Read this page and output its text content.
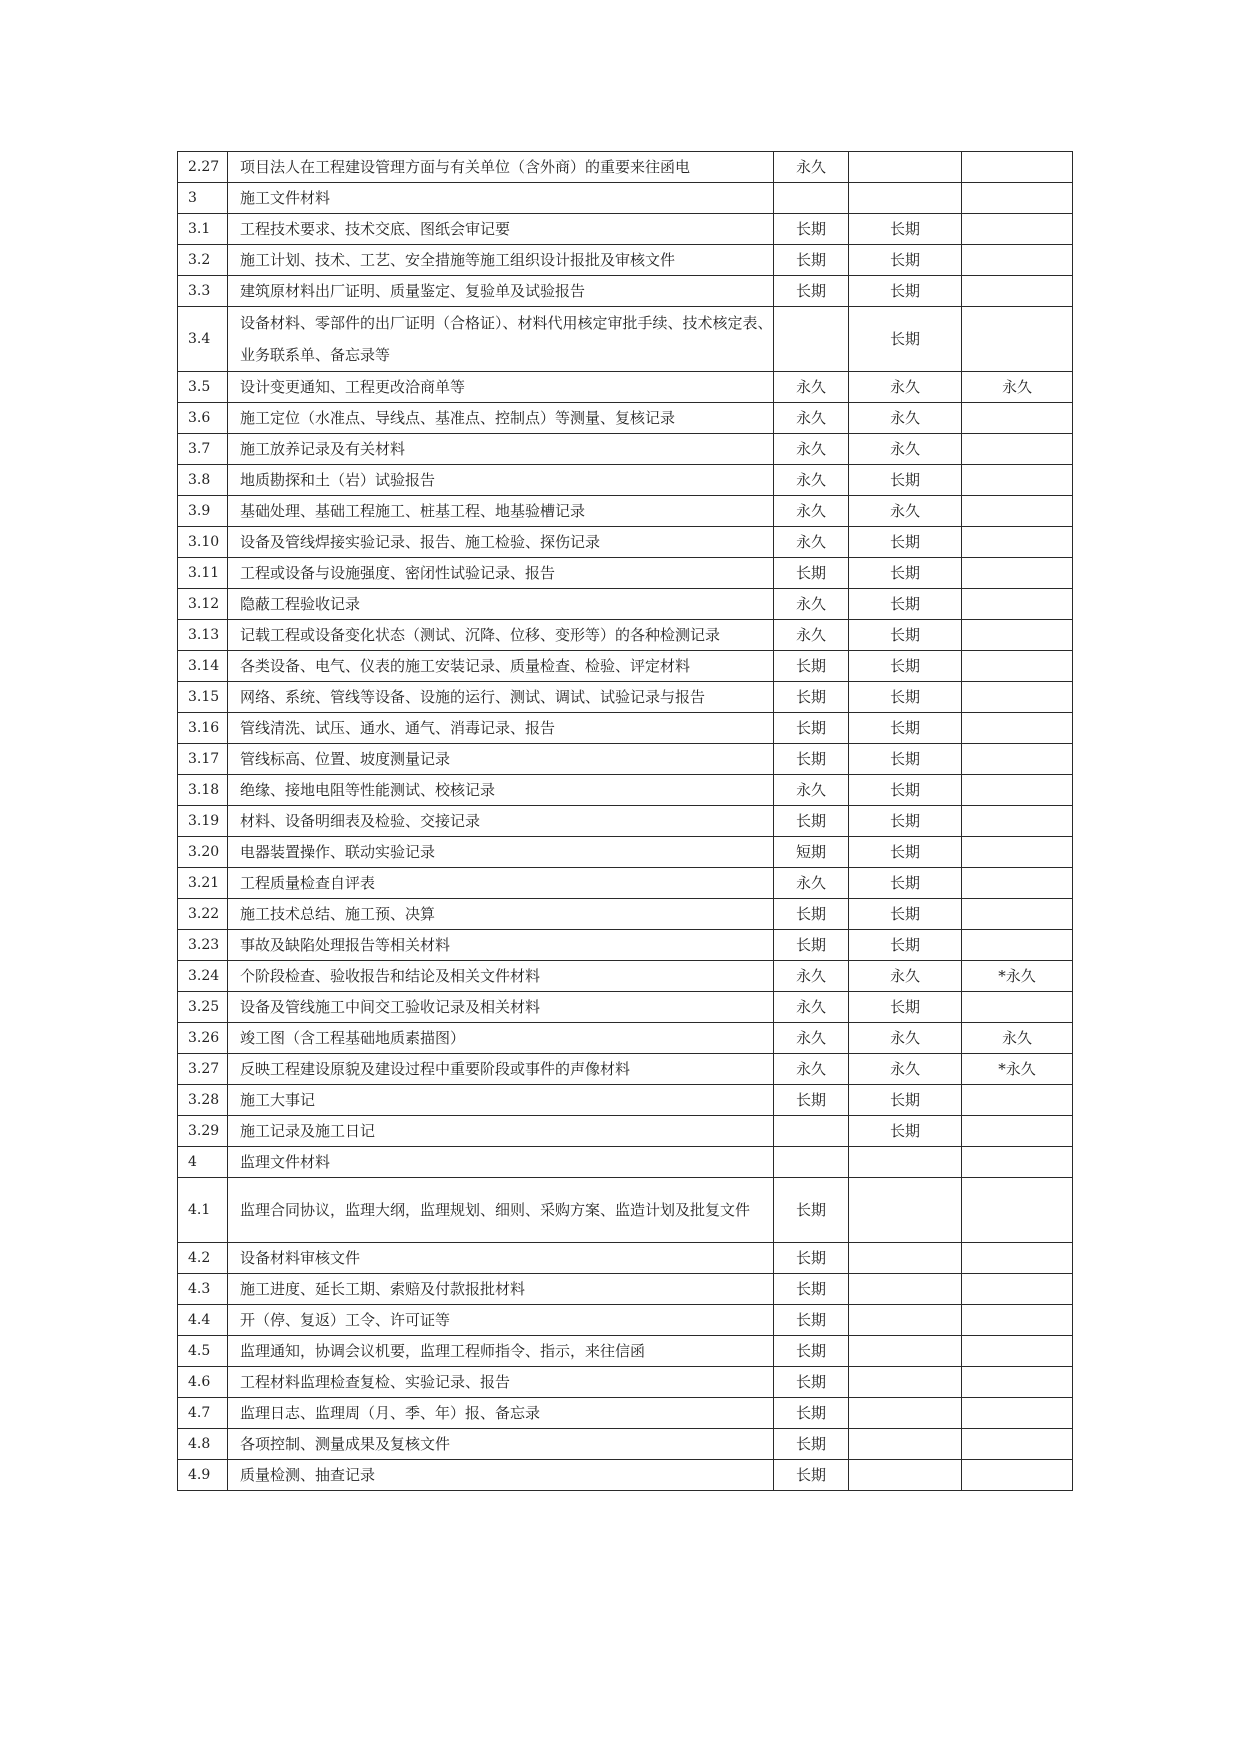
2.27	项目法人在工程建设管理方面与有关单位（含外商）的重要来往函电	永久		
3	施工文件材料			
3.1	工程技术要求、技术交底、图纸会审记要	长期	长期	
3.2	施工计划、技术、工艺、安全措施等施工组织设计报批及审核文件	长期	长期	
3.3	建筑原材料出厂证明、质量鉴定、复验单及试验报告	长期	长期	
3.4	设备材料、零部件的出厂证明（合格证）、材料代用核定审批手续、技术核定表、业务联系单、备忘录等		长期	
3.5	设计变更通知、工程更改洽商单等	永久	永久	永久
3.6	施工定位（水准点、导线点、基准点、控制点）等测量、复核记录	永久	永久	
3.7	施工放养记录及有关材料	永久	永久	
3.8	地质勘探和土（岩）试验报告	永久	长期	
3.9	基础处理、基础工程施工、桩基工程、地基验槽记录	永久	永久	
3.10	设备及管线焊接实验记录、报告、施工检验、探伤记录	永久	长期	
3.11	工程或设备与设施强度、密闭性试验记录、报告	长期	长期	
3.12	隐蔽工程验收记录	永久	长期	
3.13	记载工程或设备变化状态（测试、沉降、位移、变形等）的各种检测记录	永久	长期	
3.14	各类设备、电气、仪表的施工安装记录、质量检查、检验、评定材料	长期	长期	
3.15	网络、系统、管线等设备、设施的运行、测试、调试、试验记录与报告	长期	长期	
3.16	管线清洗、试压、通水、通气、消毒记录、报告	长期	长期	
3.17	管线标高、位置、坡度测量记录	长期	长期	
3.18	绝缘、接地电阻等性能测试、校核记录	永久	长期	
3.19	材料、设备明细表及检验、交接记录	长期	长期	
3.20	电器装置操作、联动实验记录	短期	长期	
3.21	工程质量检查自评表	永久	长期	
3.22	施工技术总结、施工预、决算	长期	长期	
3.23	事故及缺陷处理报告等相关材料	长期	长期	
3.24	个阶段检查、验收报告和结论及相关文件材料	永久	永久	*永久
3.25	设备及管线施工中间交工验收记录及相关材料	永久	长期	
3.26	竣工图（含工程基础地质素描图）	永久	永久	永久
3.27	反映工程建设原貌及建设过程中重要阶段或事件的声像材料	永久	永久	*永久
3.28	施工大事记	长期	长期	
3.29	施工记录及施工日记		长期	
4	监理文件材料			
4.1	监理合同协议，监理大纲，监理规划、细则、采购方案、监造计划及批复文件	长期		
4.2	设备材料审核文件	长期		
4.3	施工进度、延长工期、索赔及付款报批材料	长期		
4.4	开（停、复返）工令、许可证等	长期		
4.5	监理通知，协调会议机要，监理工程师指令、指示，来往信函	长期		
4.6	工程材料监理检查复检、实验记录、报告	长期		
4.7	监理日志、监理周（月、季、年）报、备忘录	长期		
4.8	各项控制、测量成果及复核文件	长期		
4.9	质量检测、抽查记录	长期		
